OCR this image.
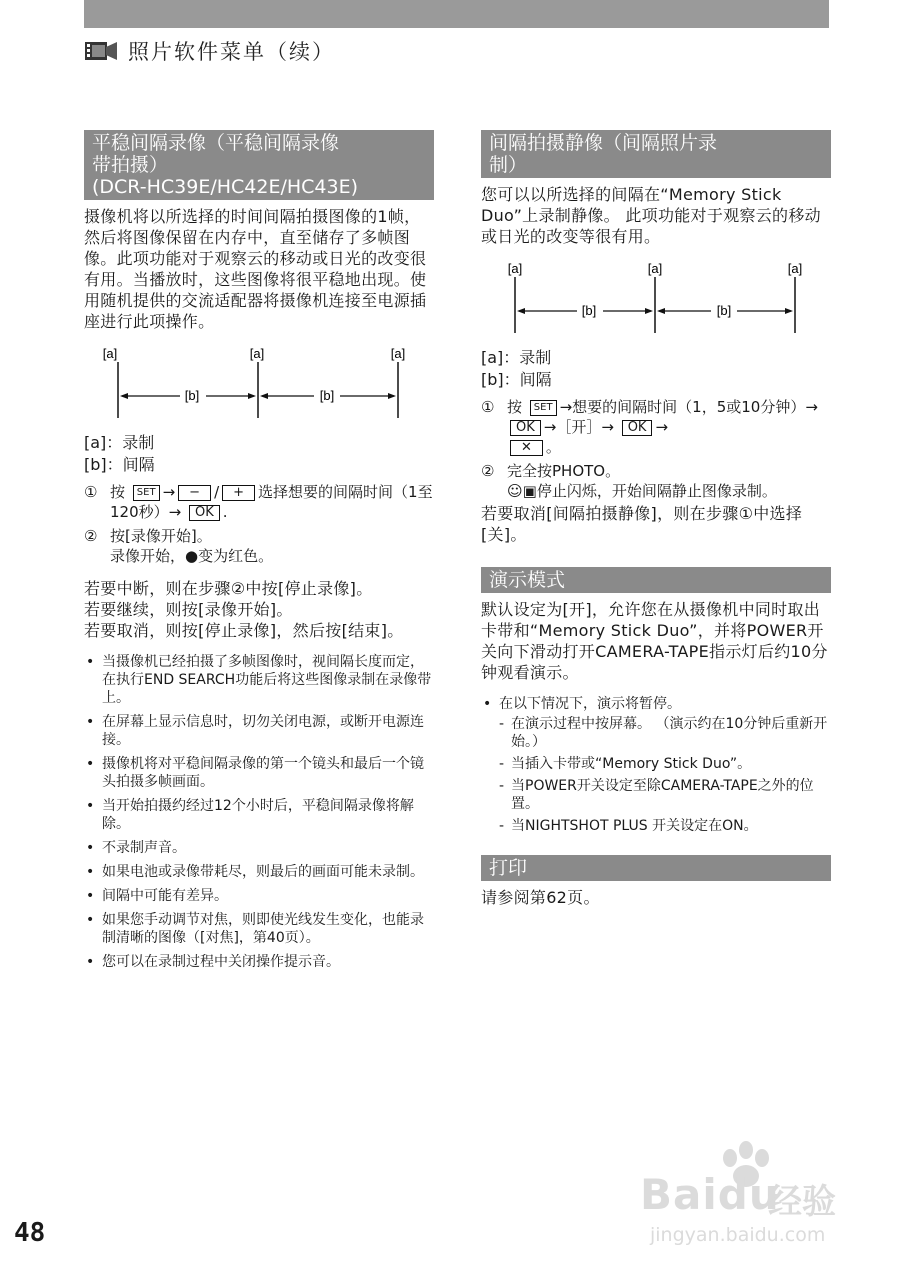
照片软件菜单（续）
平稳间隔录像（平稳间隔录像
带拍摄）
(DCR-HC39E/HC42E/HC43E)

摄像机将以所选择的时间间隔拍摄图像的1帧，然后将图像保留在内存中，直至储存了多帧图像。此项功能对于观察云的移动或日光的改变很有用。当播放时，这些图像将很平稳地出现。使用随机提供的交流适配器将摄像机连接至电源插座进行此项操作。

[a]	[a]	[a]
[b]	[b]
[a]：录制
[b]：间隔
① 按 SET → − / + 选择想要的间隔时间（1至120秒）→ OK .
② 按[录像开始]。
录像开始，●变为红色。

若要中断，则在步骤②中按[停止录像]。

若要继续，则按[录像开始]。

若要取消，则按[停止录像]，然后按[结束]。

• 当摄像机已经拍摄了多帧图像时，视间隔长度而定，在执行END SEARCH功能后将这些图像录制在录像带上。
• 在屏幕上显示信息时，切勿关闭电源，或断开电源连接。
• 摄像机将对平稳间隔录像的第一个镜头和最后一个镜头拍摄多帧画面。
• 当开始拍摄约经过12个小时后，平稳间隔录像将解除。
• 不录制声音。
• 如果电池或录像带耗尽，则最后的画面可能未录制。
• 间隔中可能有差异。
• 如果您手动调节对焦，则即使光线发生变化，也能录制清晰的图像（[对焦]，第40页）。
• 您可以在录制过程中关闭操作提示音。
间隔拍摄静像（间隔照片录
制）

您可以以所选择的间隔在“Memory Stick Duo”上录制静像。 此项功能对于观察云的移动或日光的改变等很有用。

[a]	[a]	[a]
[b]	[b]
[a]：录制
[b]：间隔
① 按 SET →想要的间隔时间（1，5或10分钟）→ OK →［开］→ OK →
✕ 。
② 完全按PHOTO。
☺▣停止闪烁，开始间隔静止图像录制。

若要取消[间隔拍摄静像]，则在步骤①中选择[关]。

演示模式

默认设定为[开]，允许您在从摄像机中同时取出卡带和“Memory Stick Duo”，并将POWER开关向下滑动打开CAMERA-TAPE指示灯后约10分钟观看演示。

• 在以下情况下，演示将暂停。
- 在演示过程中按屏幕。 （演示约在10分钟后重新开始。）
- 当插入卡带或“Memory Stick Duo”。
- 当POWER开关设定至除CAMERA-TAPE之外的位置。
- 当NIGHTSHOT PLUS 开关设定在ON。
打印

请参阅第62页。

48
Baidu
经验
jingyan.baidu.com
